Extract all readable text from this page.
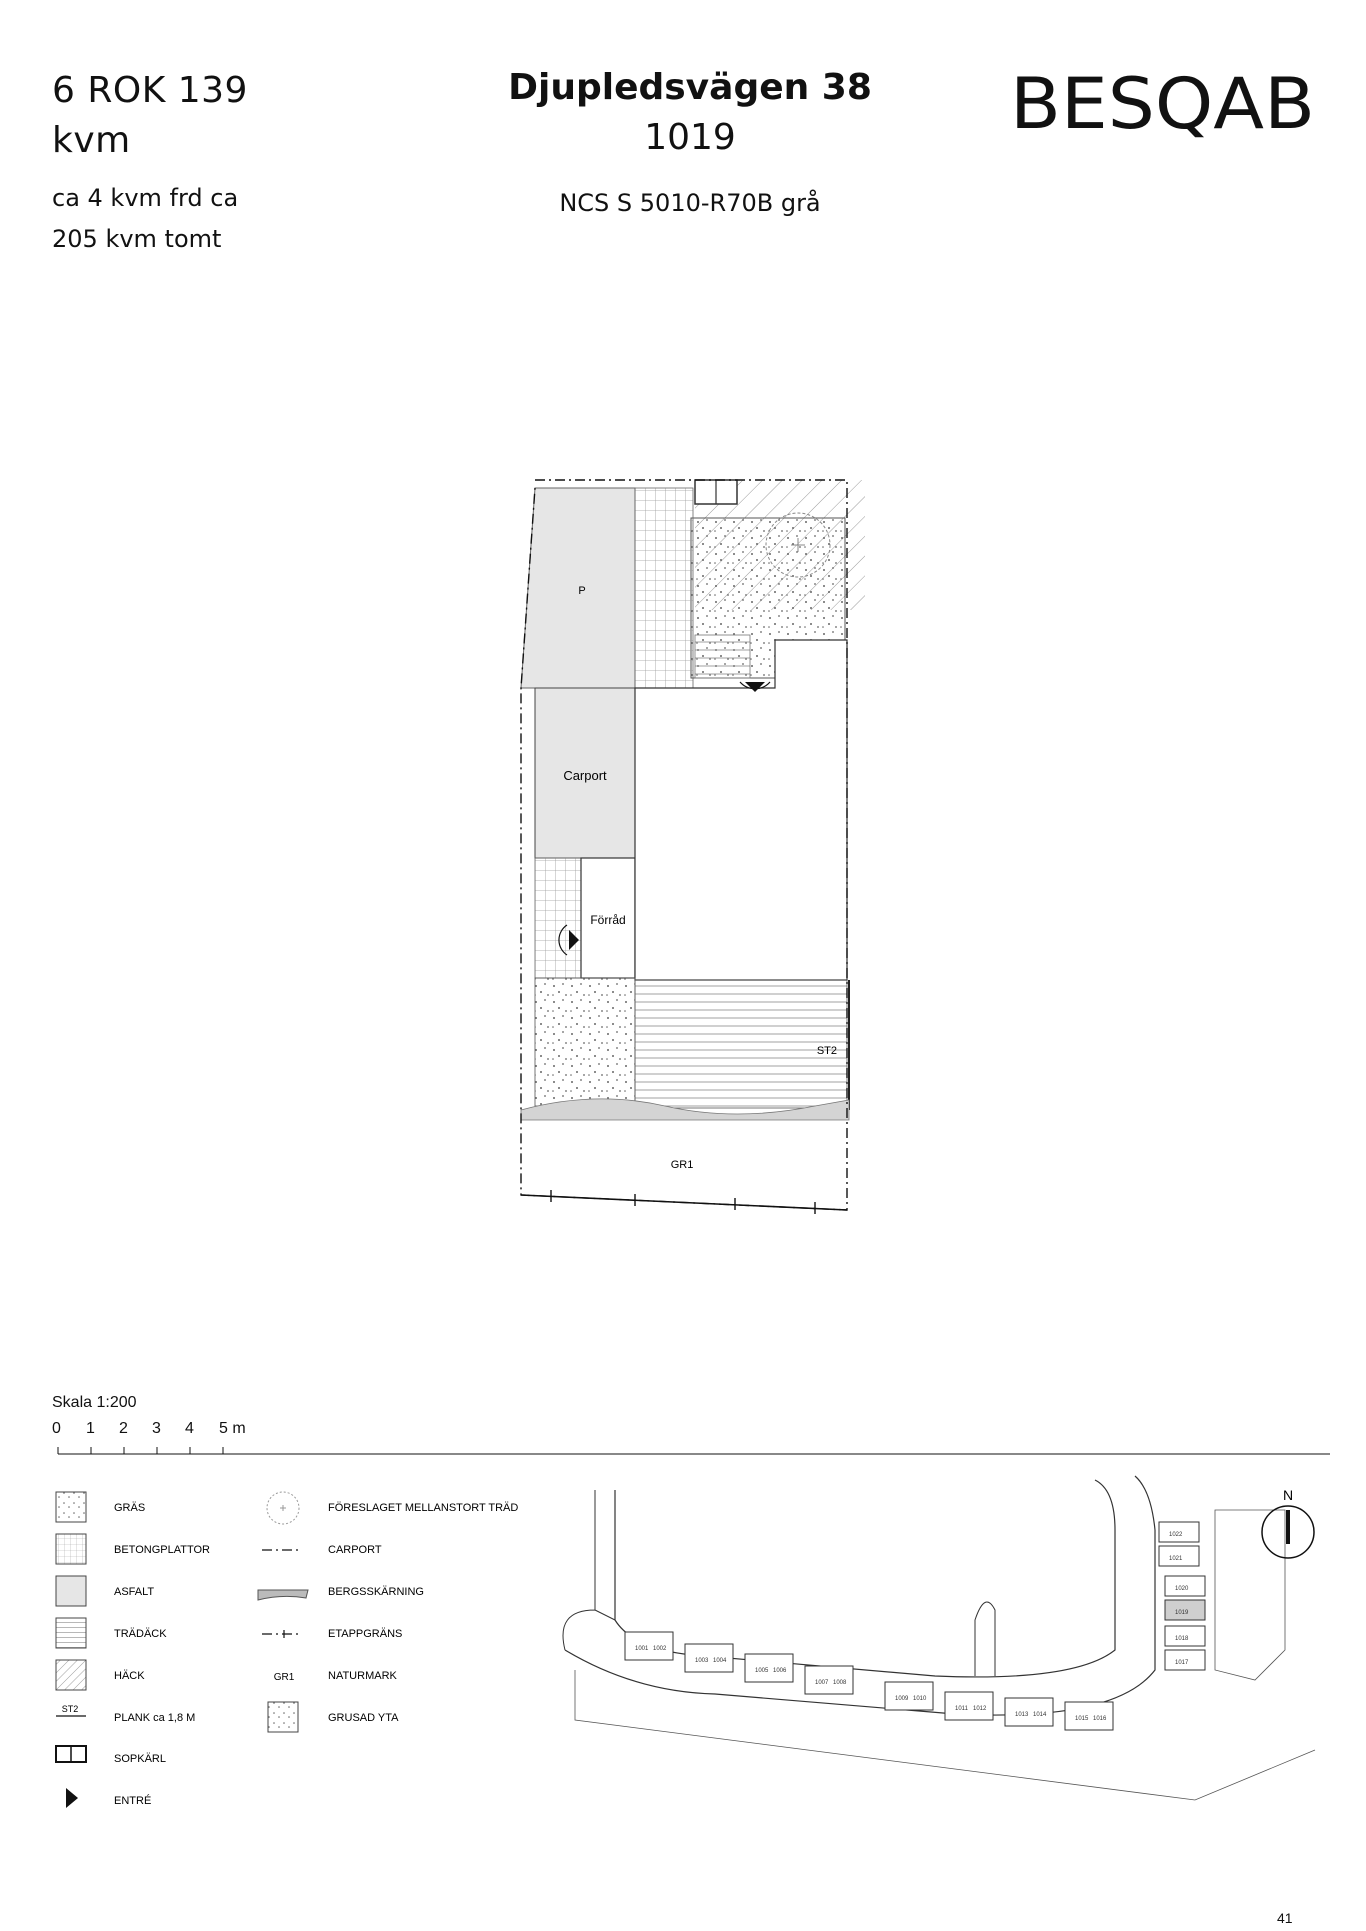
6 ROK 139
kvm
ca 4 kvm frd ca
205 kvm tomt
Djupledsvägen 38
1019
NCS S 5010-R70B grå
BESQAB
P
Carport
Förråd
ST2
GR1
Skala 1:200
0 1 2 3 4 5 m
ST2
GRÄS
BETONGPLATTOR
ASFALT
TRÄDÄCK
HÄCK
PLANK ca 1,8 M
SOPKÄRL
ENTRÉ
GR1
FÖRESLAGET MELLANSTORT TRÄD
CARPORT
BERGSSKÄRNING
ETAPPGRÄNS
NATURMARK
GRUSAD YTA
1001 1002
1003 1004
1005 1006
1007 1008
1009 1010
1011 1012
1013 1014
1015 1016
1017
1018
1019
1020
1021
1022
N
41
